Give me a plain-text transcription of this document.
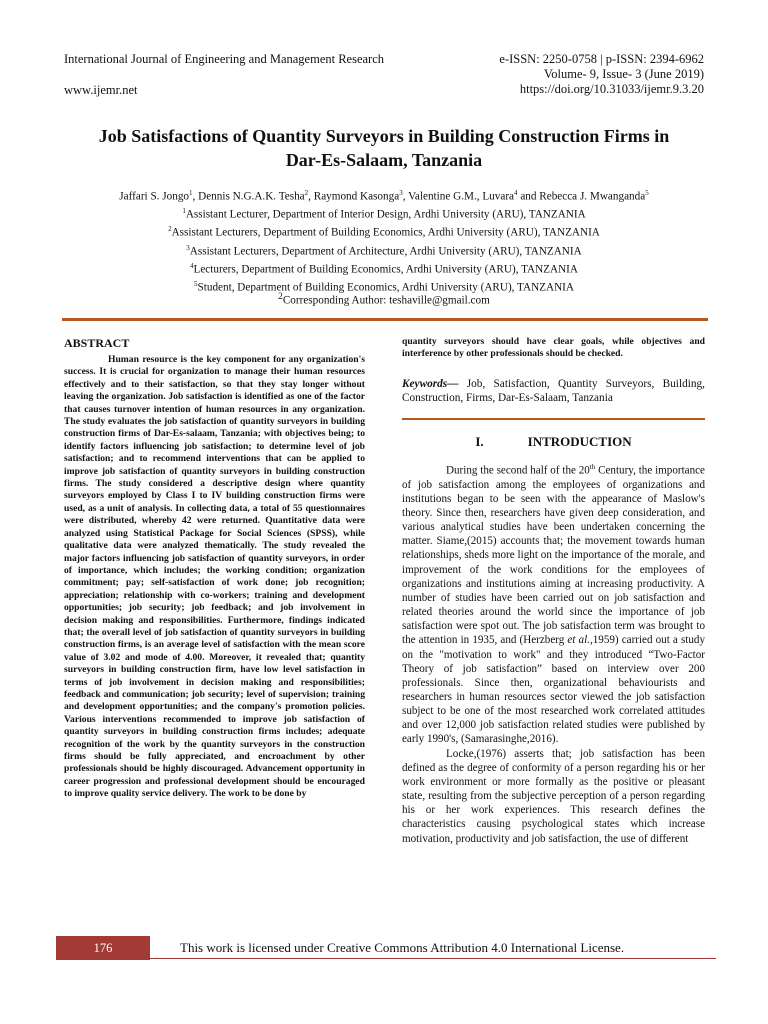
International Journal of Engineering and Management Research
www.ijemr.net
e-ISSN: 2250-0758 | p-ISSN: 2394-6962
Volume- 9, Issue- 3 (June 2019)
https://doi.org/10.31033/ijemr.9.3.20
Job Satisfactions of Quantity Surveyors in Building Construction Firms in
Dar-Es-Salaam, Tanzania
Jaffari S. Jongo$^1$, Dennis N.G.A.K. Tesha$^2$, Raymond Kasonga$^3$, Valentine G.M., Luvara$^4$ and Rebecca J. Mwanganda$^5$
$^1$Assistant Lecturer, Department of Interior Design, Ardhi University (ARU), TANZANIA
$^2$Assistant Lecturers, Department of Building Economics, Ardhi University (ARU), TANZANIA
$^3$Assistant Lecturers, Department of Architecture, Ardhi University (ARU), TANZANIA
$^4$Lecturers, Department of Building Economics, Ardhi University (ARU), TANZANIA
$^5$Student, Department of Building Economics, Ardhi University (ARU), TANZANIA
$^2$Corresponding Author: teshaville@gmail.com
ABSTRACT

Human resource is the key component for any organization's success. It is crucial for organization to manage their human resources effectively and to their satisfaction, so that they stay longer without leaving the organization. Job satisfaction is identified as one of the factor that causes turnover intention of human resources in any organization. The study evaluates the job satisfaction of quantity surveyors in building construction firms of Dar-Es-salaam, Tanzania; with objectives being; to identify factors influencing job satisfaction; to determine level of job satisfaction; and to recommend interventions that can be applied to improve job satisfaction of quantity surveyors in building construction firms. The study considered a descriptive design where quantity surveyors employed by Class I to IV building construction firms were used, as a unit of analysis. In collecting data, a total of 55 questionnaires were distributed, whereby 42 were returned. Quantitative data were analyzed using Statistical Package for Social Sciences (SPSS), while qualitative data were analyzed thematically. The study revealed the major factors influencing job satisfaction of quantity surveyors, in order of importance, which includes; the working condition; organization commitment; pay; self-satisfaction of work done; job recognition; appreciation; relationship with co-workers; training and development opportunities; job security; job feedback; and job involvement in decision making and responsibilities. Furthermore, findings indicated that; the overall level of job satisfaction of quantity surveyors in building construction firms, is an average level of satisfaction with the mean score value of 3.02 and mode of 4.00. Moreover, it revealed that; quantity surveyors in building construction firm, have low level satisfaction in terms of job involvement in decision making and responsibilities; feedback and communication; job security; level of supervision; training and development opportunities; and the company's promotion policies. Various interventions recommended to improve job satisfaction of quantity surveyors in building construction firms includes; adequate recognition of the work by the quantity surveyors in the construction firms should be fully appreciated, and encroachment by other professionals should be highly discouraged. Advancement opportunity in career progression and professional development should be encouraged to improve quality service delivery. The work to be done by

quantity surveyors should have clear goals, while objectives and interference by other professionals should be checked.

Keywords— Job, Satisfaction, Quantity Surveyors, Building, Construction, Firms, Dar-Es-Salaam, Tanzania
I.	INTRODUCTION

During the second half of the 20th Century, the importance of job satisfaction among the employees of organizations and institutions began to be seen with the appearance of Maslow's theory. Since then, researchers have given deep consideration, and various analytical studies have been undertaken concerning the matter. Siame,(2015) accounts that; the movement towards human relationships, sheds more light on the importance of the morale, and improvement of the work conditions for the employees of organizations and institutions aiming at increasing productivity. A number of studies have been carried out on job satisfaction and related theories around the world since the importance of job satisfaction were spot out. The job satisfaction term was brought to the attention in 1935, and (Herzberg et al.,1959) carried out a study on the "motivation to work" and they introduced “Two-Factor Theory of job satisfaction” based on interview over 200 professionals. Since then, organizational behaviourists and researchers in human resources sector viewed the job satisfaction subject to be one of the most researched work correlated attitudes and over 12,000 job satisfaction related studies were published by early 1990's, (Samarasinghe,2016).

Locke,(1976) asserts that; job satisfaction has been defined as the degree of conformity of a person regarding his or her work environment or more formally as the positive or pleasant state, resulting from the subjective perception of a person regarding his or her work experiences. This research defines the characteristics causing psychological states which increase motivation, productivity and job satisfaction, the use of different

176	This work is licensed under Creative Commons Attribution 4.0 International License.
